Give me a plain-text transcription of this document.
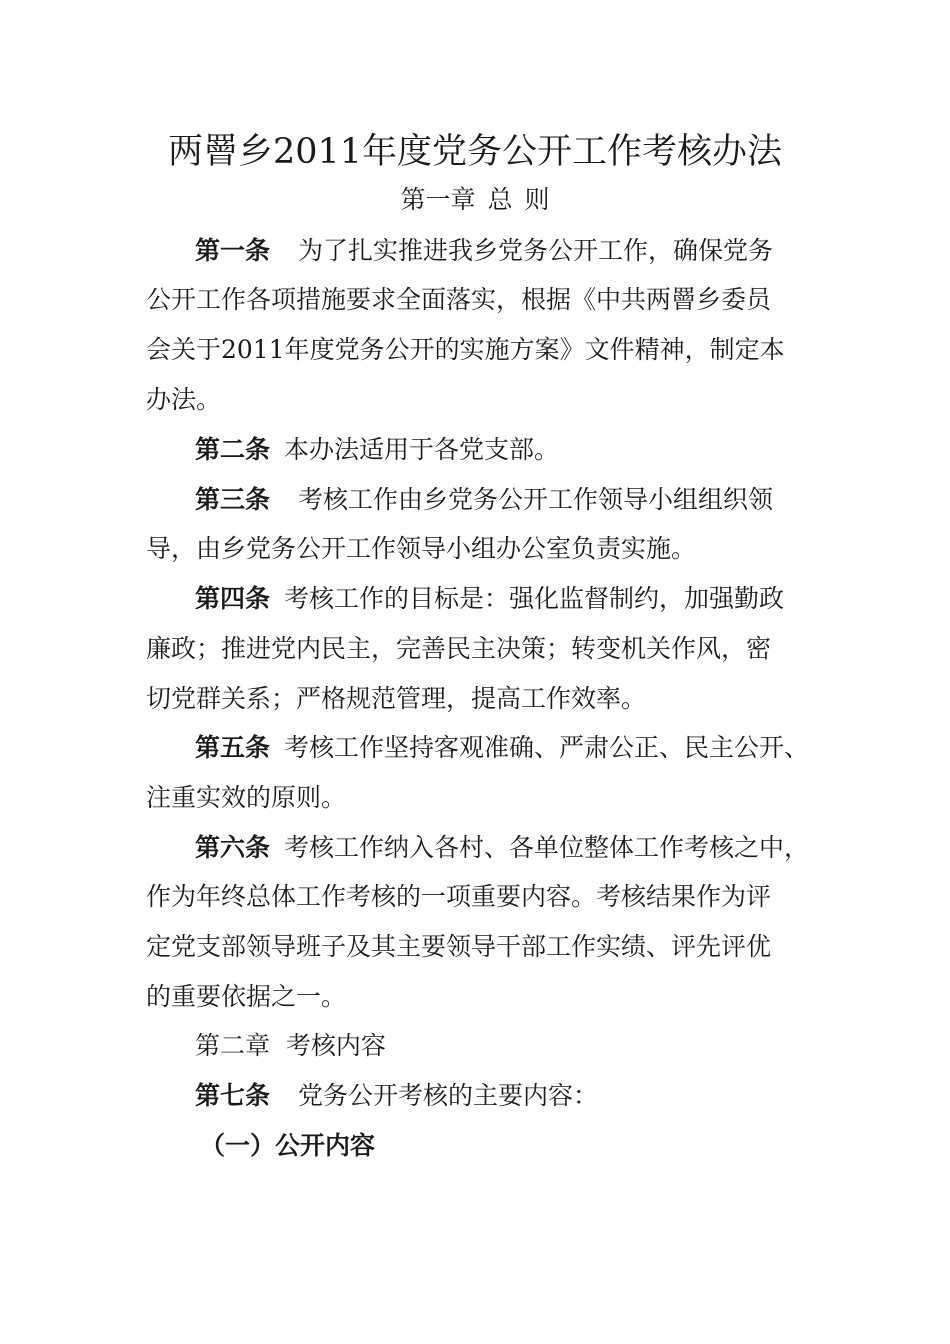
两罾乡2011年度党务公开工作考核办法
第一章 总 则
第一条 为了扎实推进我乡党务公开工作，确保党务
公开工作各项措施要求全面落实，根据《中共两罾乡委员
会关于2011年度党务公开的实施方案》文件精神，制定本
办法。
第二条 本办法适用于各党支部。
第三条 考核工作由乡党务公开工作领导小组组织领
导，由乡党务公开工作领导小组办公室负责实施。
第四条 考核工作的目标是：强化监督制约，加强勤政
廉政；推进党内民主，完善民主决策；转变机关作风，密
切党群关系；严格规范管理，提高工作效率。
第五条 考核工作坚持客观准确、严肃公正、民主公开、
注重实效的原则。
第六条 考核工作纳入各村、各单位整体工作考核之中，
作为年终总体工作考核的一项重要内容。考核结果作为评
定党支部领导班子及其主要领导干部工作实绩、评先评优
的重要依据之一。
第二章  考核内容
第七条 党务公开考核的主要内容：
（一）公开内容
